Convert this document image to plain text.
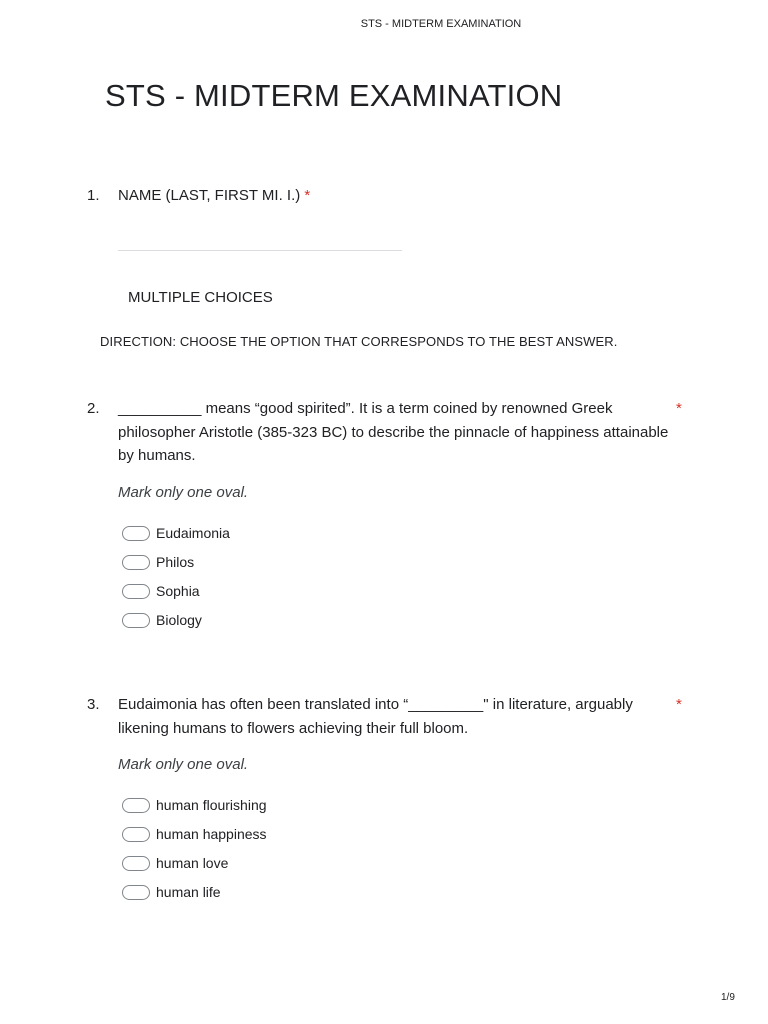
STS - MIDTERM EXAMINATION
STS - MIDTERM EXAMINATION
1. NAME (LAST, FIRST MI. I.) *
MULTIPLE CHOICES
DIRECTION: CHOOSE THE OPTION THAT CORRESPONDS TO THE BEST ANSWER.
2. __________ means “good spirited”. It is a term coined by renowned Greek
philosopher Aristotle (385-323 BC) to describe the pinnacle of happiness attainable
by humans.
*
Mark only one oval.
Eudaimonia
Philos
Sophia
Biology
3. Eudaimonia has often been translated into “_________" in literature, arguably
likening humans to flowers achieving their full bloom.
*
Mark only one oval.
human flourishing
human happiness
human love
human life
1/9
